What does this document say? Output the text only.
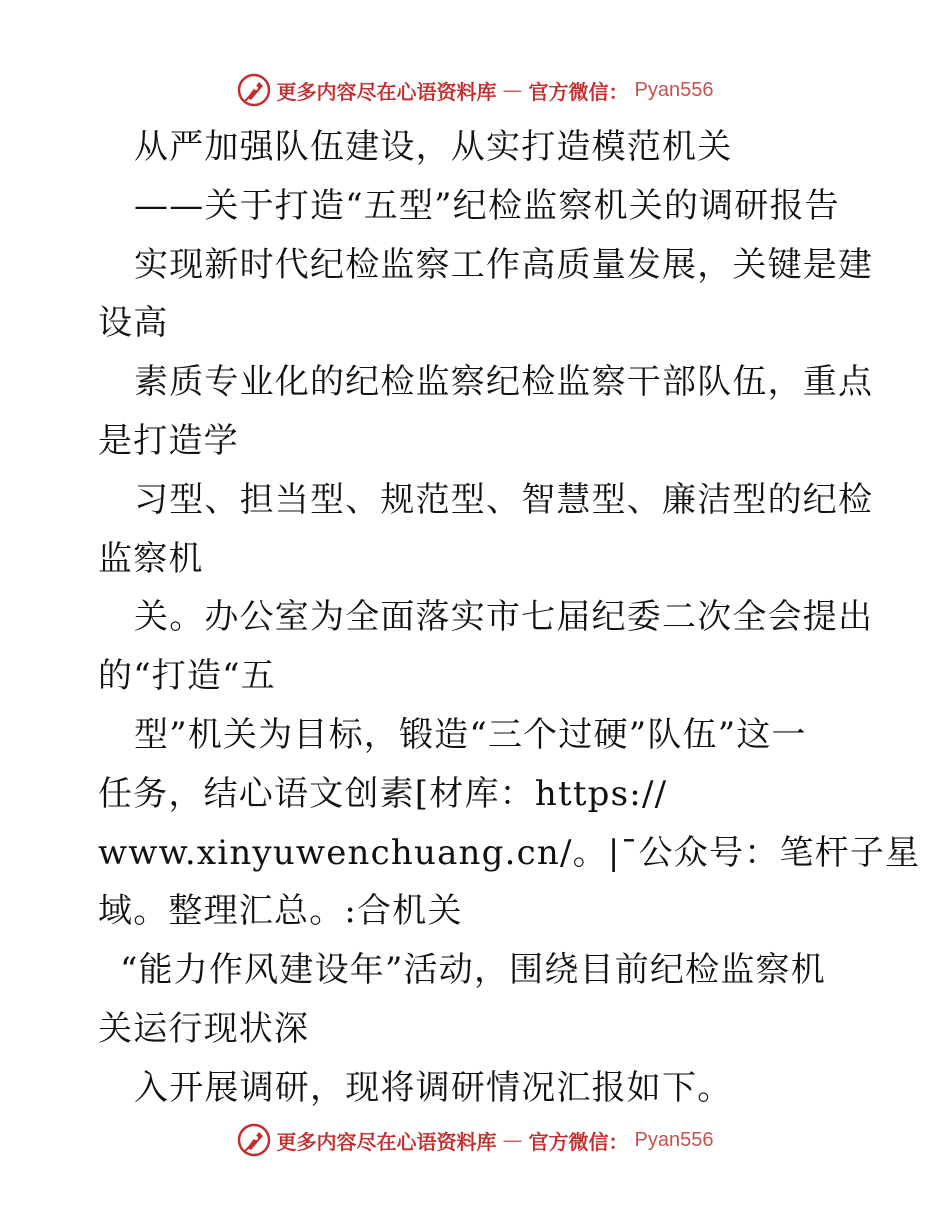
更多内容尽在心语资料库 — 官方微信： Pyan556
从严加强队伍建设，从实打造模范机关
——关于打造“五型”纪检监察机关的调研报告
实现新时代纪检监察工作高质量发展，关键是建
设高
素质专业化的纪检监察纪检监察干部队伍，重点
是打造学
习型、担当型、规范型、智慧型、廉洁型的纪检
监察机
关。办公室为全面落实市七届纪委二次全会提出
的“打造“五
型”机关为目标，锻造“三个过硬”队伍”这一
任务，结心语文创素[材库：https://
www.xinyuwenchuang.cn/。|¯公众号：笔杆子星
域。整理汇总。:合机关
“能力作风建设年”活动，围绕目前纪检监察机
关运行现状深
入开展调研，现将调研情况汇报如下。
更多内容尽在心语资料库 — 官方微信： Pyan556
